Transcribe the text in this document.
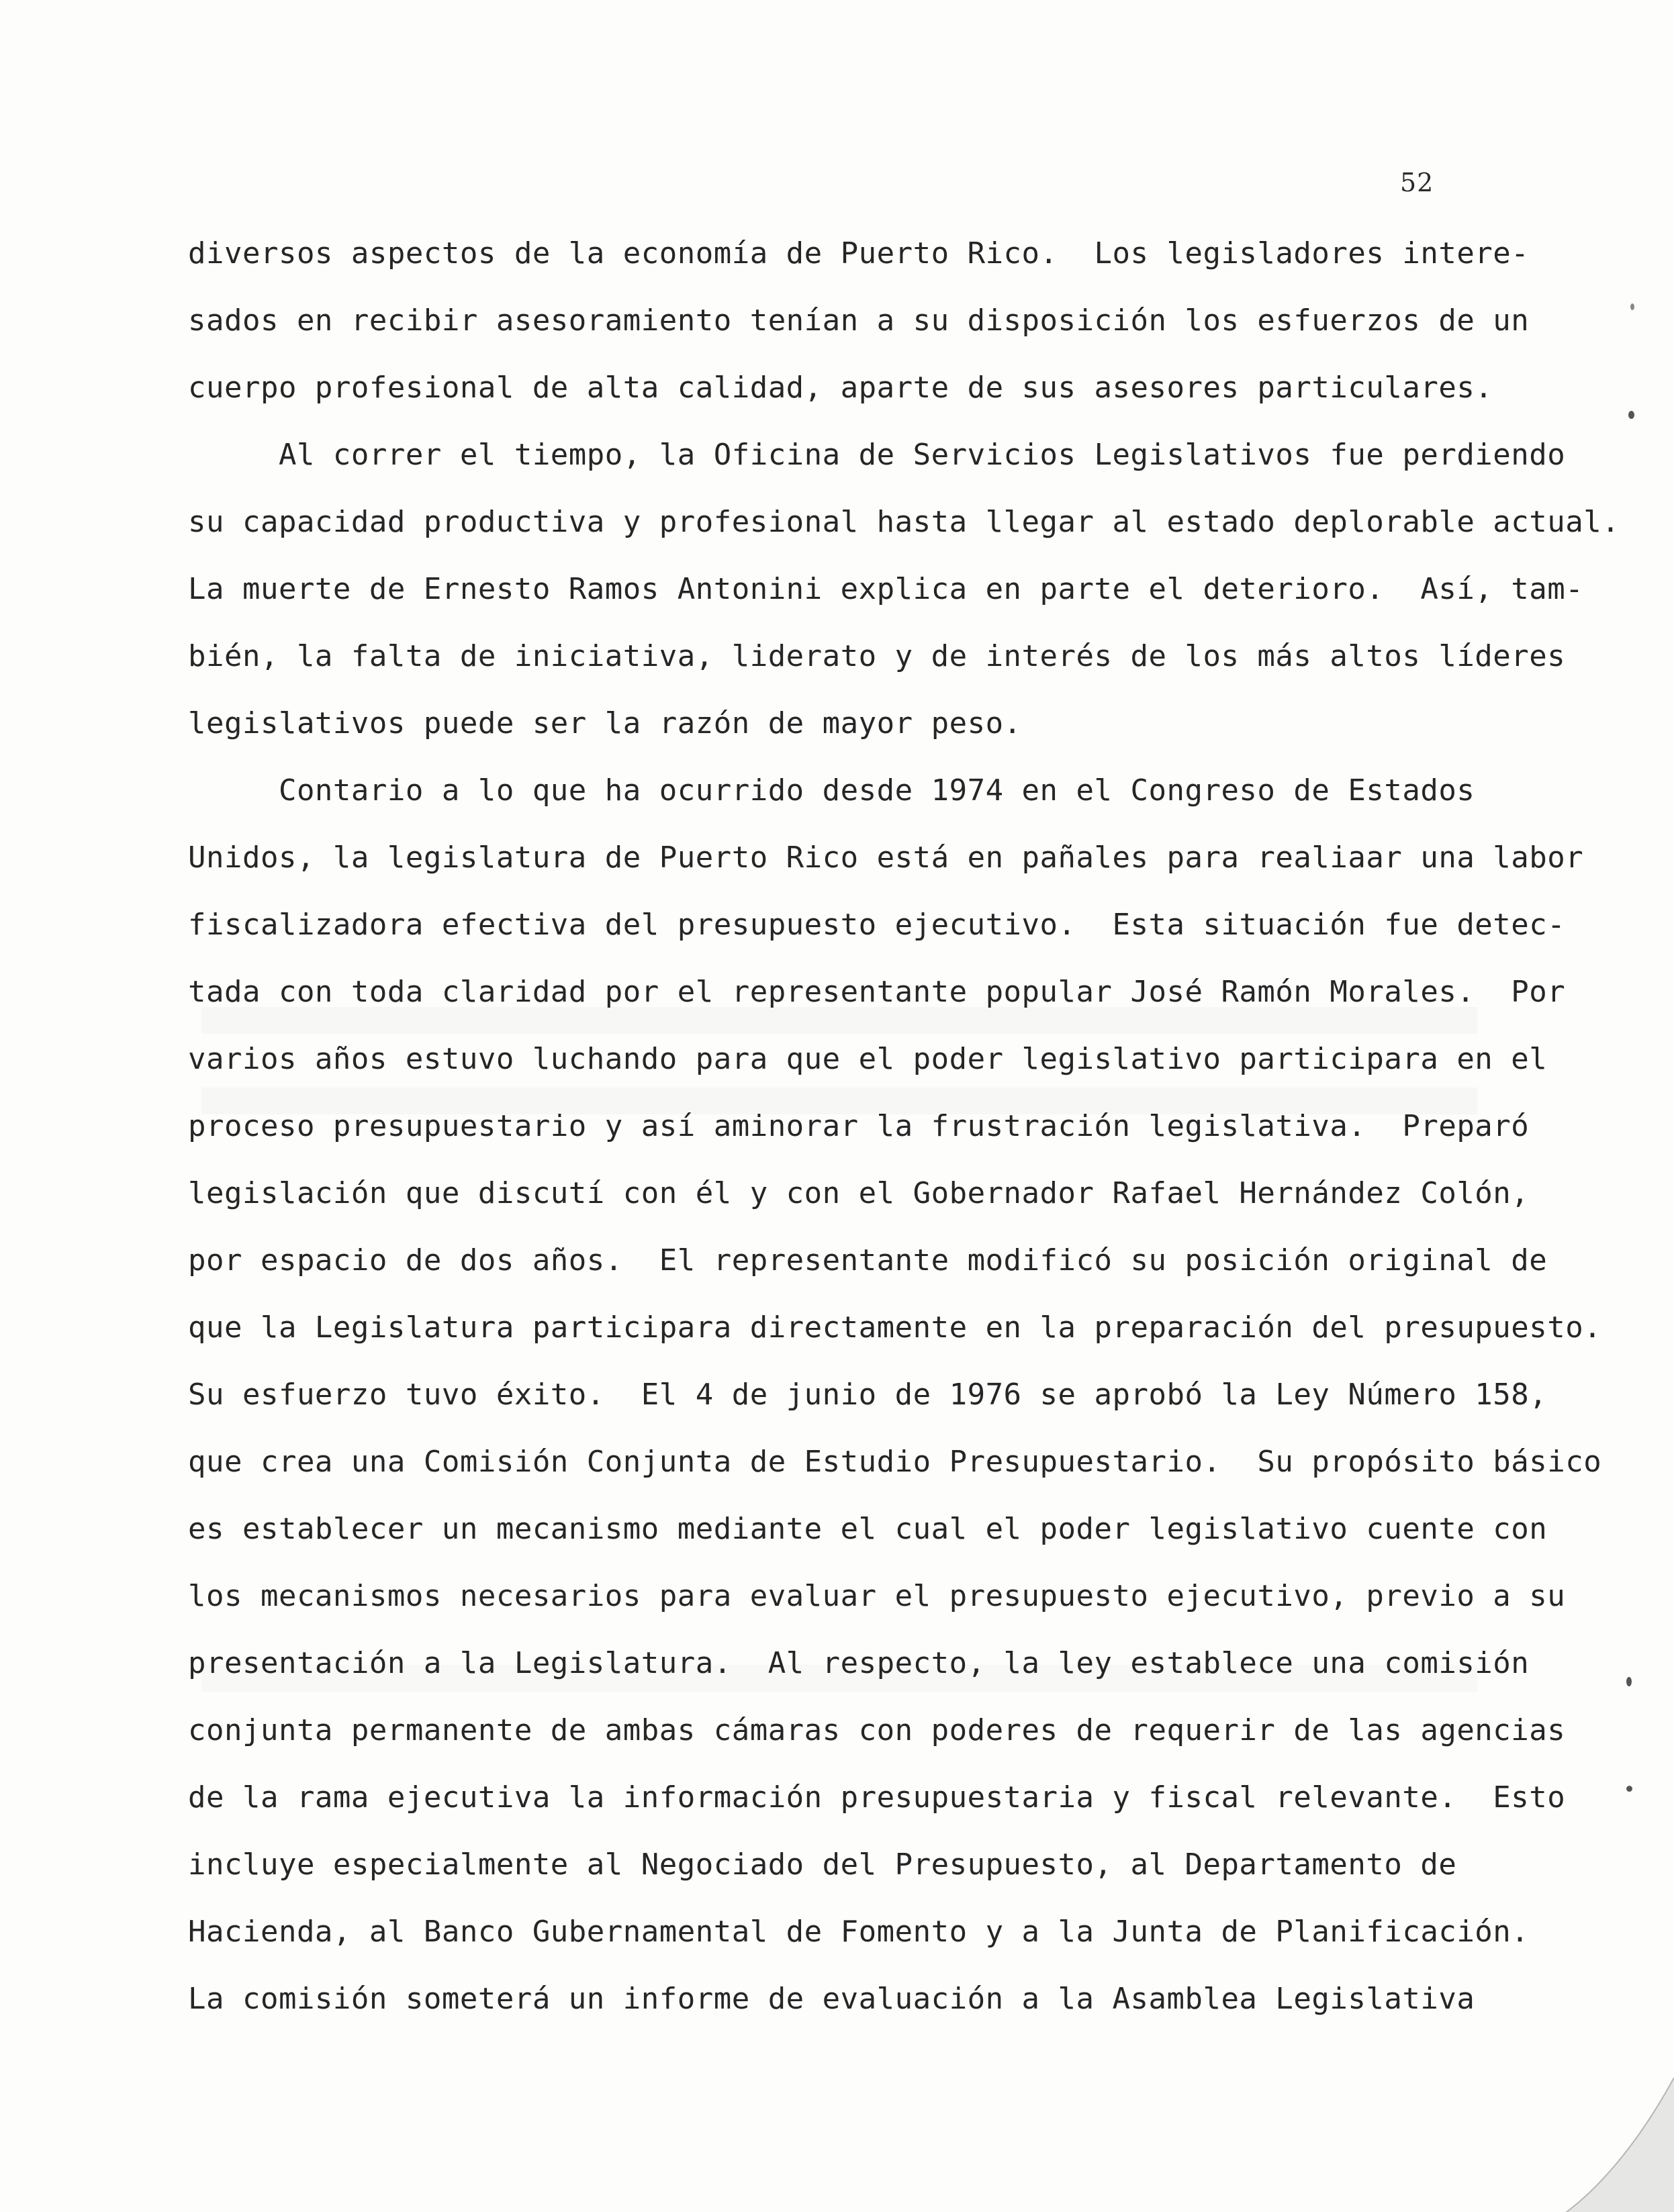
52
diversos aspectos de la economía de Puerto Rico.  Los legisladores intere-
sados en recibir asesoramiento tenían a su disposición los esfuerzos de un
cuerpo profesional de alta calidad, aparte de sus asesores particulares.
Al correr el tiempo, la Oficina de Servicios Legislativos fue perdiendo
su capacidad productiva y profesional hasta llegar al estado deplorable actual.
La muerte de Ernesto Ramos Antonini explica en parte el deterioro.  Así, tam-
bién, la falta de iniciativa, liderato y de interés de los más altos líderes
legislativos puede ser la razón de mayor peso.
Contario a lo que ha ocurrido desde 1974 en el Congreso de Estados
Unidos, la legislatura de Puerto Rico está en pañales para realiaar una labor
fiscalizadora efectiva del presupuesto ejecutivo.  Esta situación fue detec-
tada con toda claridad por el representante popular José Ramón Morales.  Por
varios años estuvo luchando para que el poder legislativo participara en el
proceso presupuestario y así aminorar la frustración legislativa.  Preparó
legislación que discutí con él y con el Gobernador Rafael Hernández Colón,
por espacio de dos años.  El representante modificó su posición original de
que la Legislatura participara directamente en la preparación del presupuesto.
Su esfuerzo tuvo éxito.  El 4 de junio de 1976 se aprobó la Ley Número 158,
que crea una Comisión Conjunta de Estudio Presupuestario.  Su propósito básico
es establecer un mecanismo mediante el cual el poder legislativo cuente con
los mecanismos necesarios para evaluar el presupuesto ejecutivo, previo a su
presentación a la Legislatura.  Al respecto, la ley establece una comisión
conjunta permanente de ambas cámaras con poderes de requerir de las agencias
de la rama ejecutiva la información presupuestaria y fiscal relevante.  Esto
incluye especialmente al Negociado del Presupuesto, al Departamento de
Hacienda, al Banco Gubernamental de Fomento y a la Junta de Planificación.
La comisión someterá un informe de evaluación a la Asamblea Legislativa
